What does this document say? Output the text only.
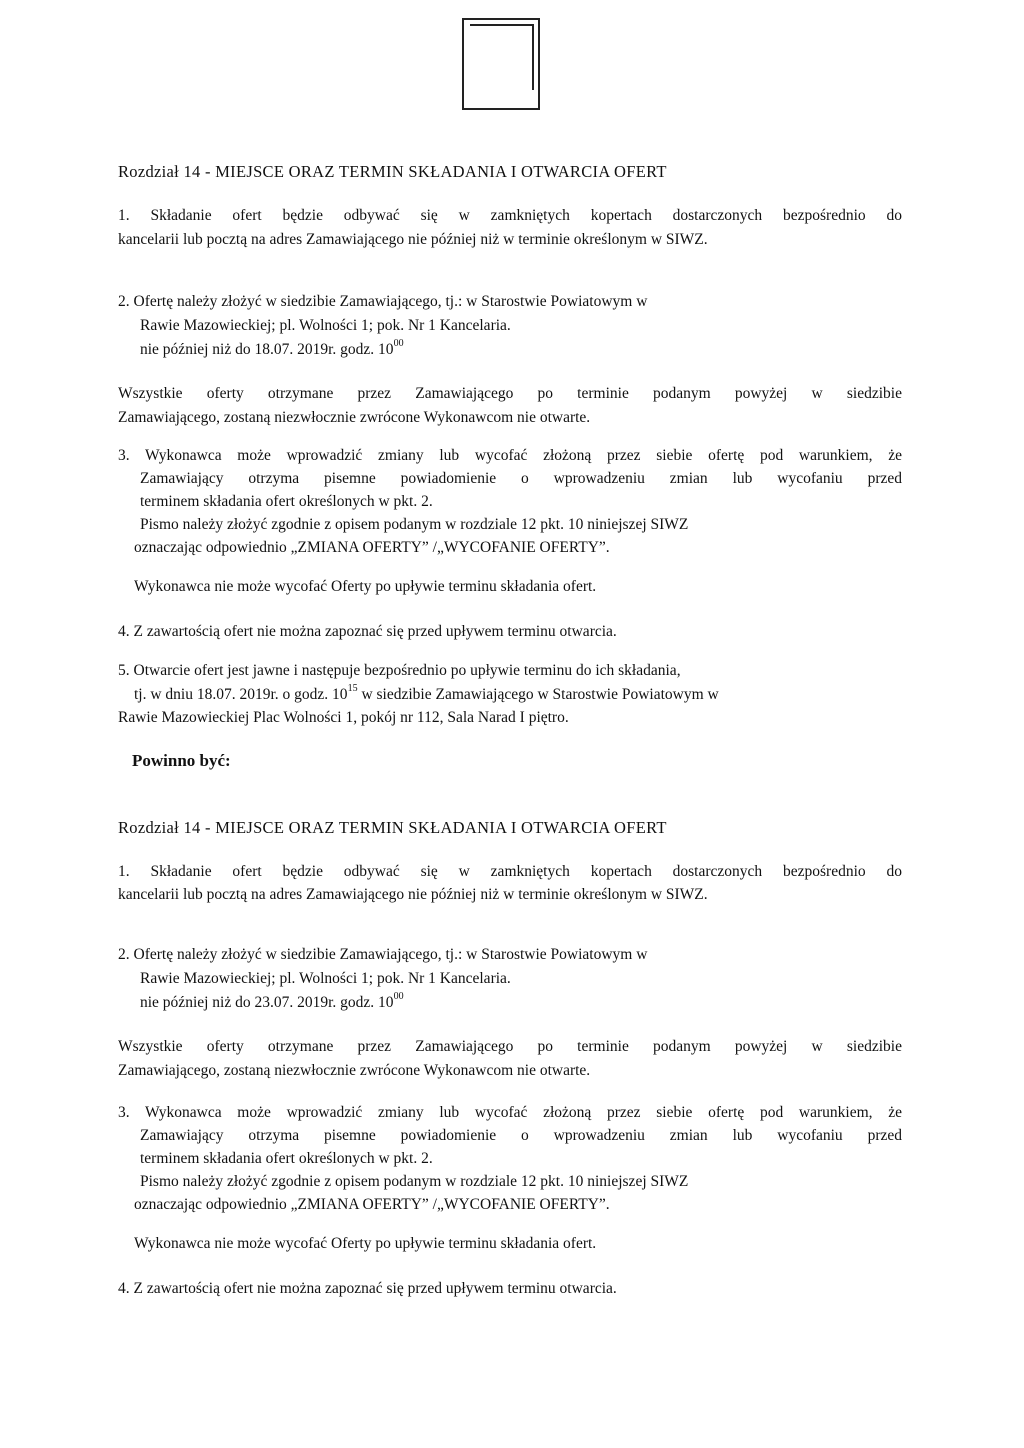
Rozdział 14 - MIEJSCE ORAZ TERMIN SKŁADANIA I OTWARCIA OFERT
1. Składanie ofert będzie odbywać się w zamkniętych kopertach dostarczonych bezpośrednio do
kancelarii lub pocztą na adres Zamawiającego nie później niż w terminie określonym w SIWZ.
2. Ofertę należy złożyć w siedzibie Zamawiającego, tj.: w Starostwie Powiatowym w
Rawie Mazowieckiej; pl. Wolności 1; pok. Nr 1 Kancelaria.
nie później niż do 18.07. 2019r. godz. $10^{00}$
Wszystkie oferty otrzymane przez Zamawiającego po terminie podanym powyżej w siedzibie
Zamawiającego, zostaną niezwłocznie zwrócone Wykonawcom nie otwarte.
3. Wykonawca może wprowadzić zmiany lub wycofać złożoną przez siebie ofertę pod warunkiem, że
Zamawiający otrzyma pisemne powiadomienie o wprowadzeniu zmian lub wycofaniu przed
terminem składania ofert określonych w pkt. 2.
Pismo należy złożyć zgodnie z opisem podanym w rozdziale 12 pkt. 10 niniejszej SIWZ
oznaczając odpowiednio „ZMIANA OFERTY” /„WYCOFANIE OFERTY”.
Wykonawca nie może wycofać Oferty po upływie terminu składania ofert.
4. Z zawartością ofert nie można zapoznać się przed upływem terminu otwarcia.
5. Otwarcie ofert jest jawne i następuje bezpośrednio po upływie terminu do ich składania,
tj. w dniu 18.07. 2019r. o godz. $10^{15}$ w siedzibie Zamawiającego w Starostwie Powiatowym w
Rawie Mazowieckiej Plac Wolności 1, pokój nr 112, Sala Narad I piętro.
Powinno być:
Rozdział 14 - MIEJSCE ORAZ TERMIN SKŁADANIA I OTWARCIA OFERT
1. Składanie ofert będzie odbywać się w zamkniętych kopertach dostarczonych bezpośrednio do
kancelarii lub pocztą na adres Zamawiającego nie później niż w terminie określonym w SIWZ.
2. Ofertę należy złożyć w siedzibie Zamawiającego, tj.: w Starostwie Powiatowym w
Rawie Mazowieckiej; pl. Wolności 1; pok. Nr 1 Kancelaria.
nie później niż do 23.07. 2019r. godz. $10^{00}$
Wszystkie oferty otrzymane przez Zamawiającego po terminie podanym powyżej w siedzibie
Zamawiającego, zostaną niezwłocznie zwrócone Wykonawcom nie otwarte.
3. Wykonawca może wprowadzić zmiany lub wycofać złożoną przez siebie ofertę pod warunkiem, że
Zamawiający otrzyma pisemne powiadomienie o wprowadzeniu zmian lub wycofaniu przed
terminem składania ofert określonych w pkt. 2.
Pismo należy złożyć zgodnie z opisem podanym w rozdziale 12 pkt. 10 niniejszej SIWZ
oznaczając odpowiednio „ZMIANA OFERTY” /„WYCOFANIE OFERTY”.
Wykonawca nie może wycofać Oferty po upływie terminu składania ofert.
4. Z zawartością ofert nie można zapoznać się przed upływem terminu otwarcia.
